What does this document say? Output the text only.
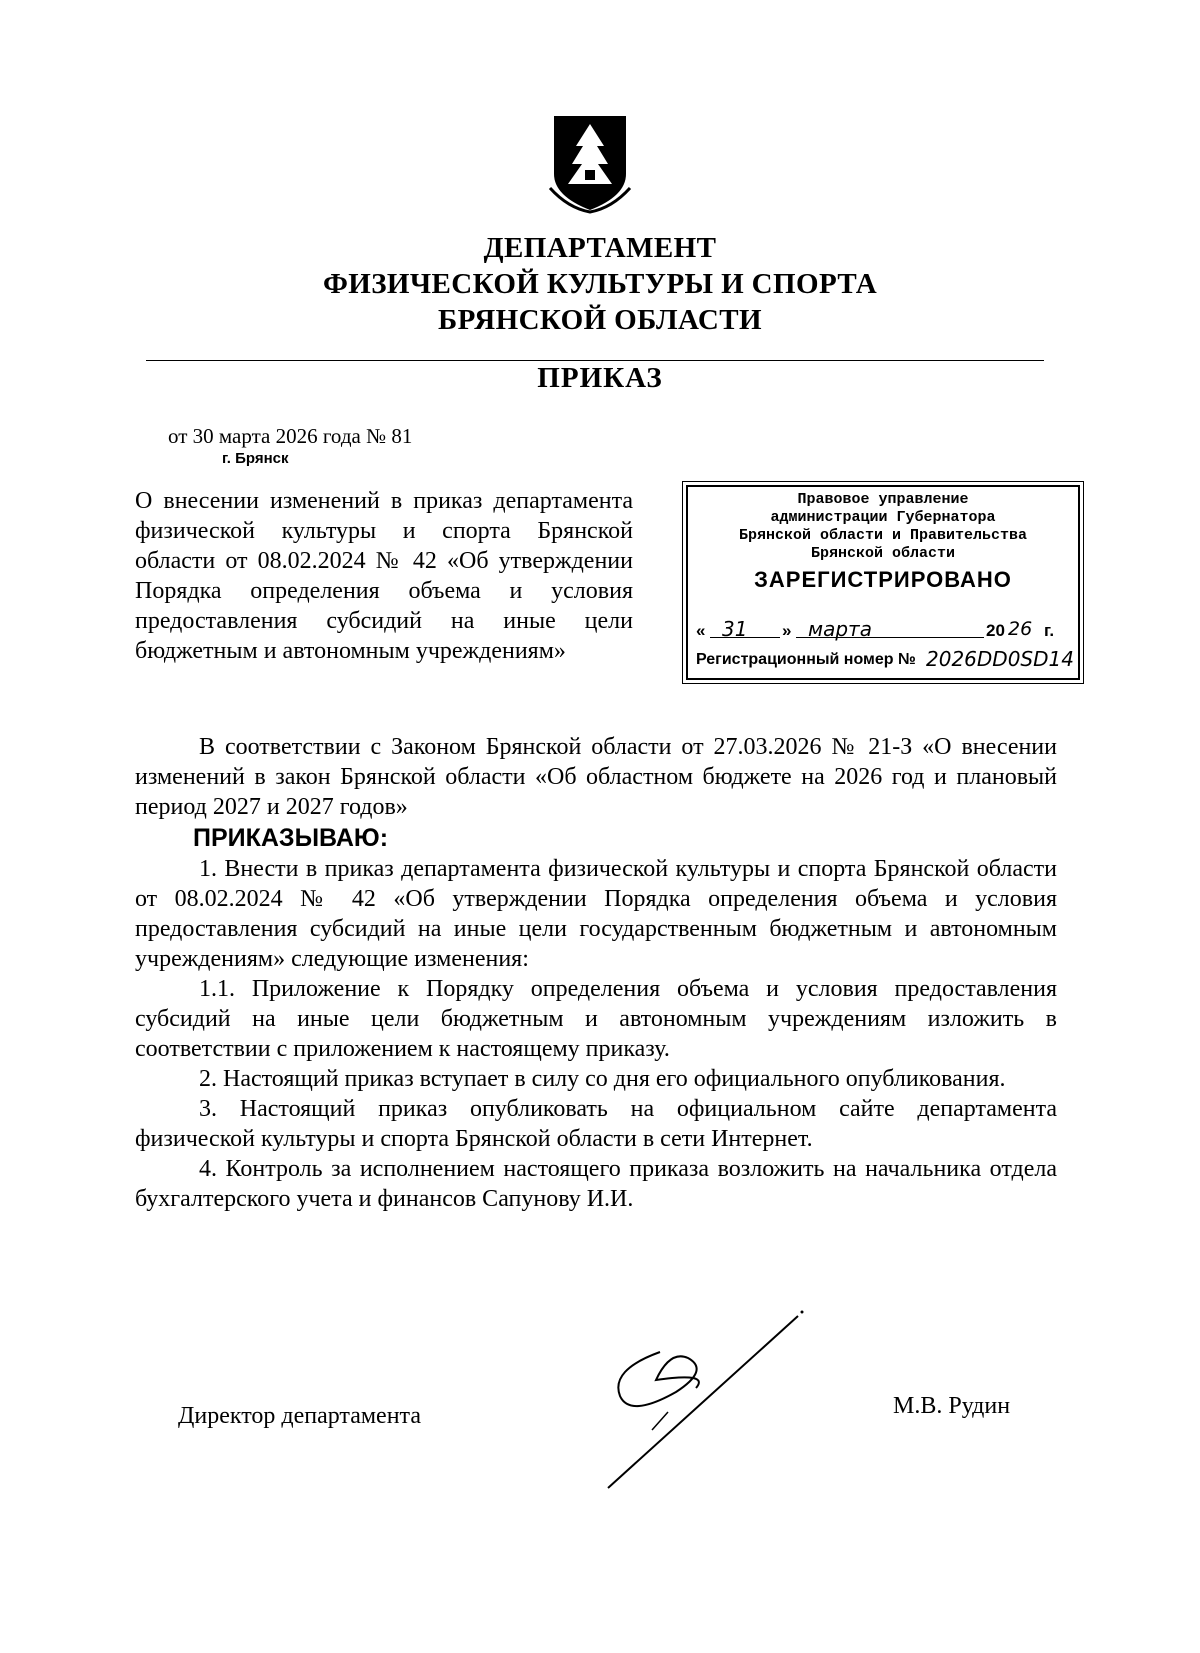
ДЕПАРТАМЕНТ
ФИЗИЧЕСКОЙ КУЛЬТУРЫ И СПОРТА
БРЯНСКОЙ ОБЛАСТИ
ПРИКАЗ
от 30 марта 2026 года № 81
г. Брянск
О внесении изменений в приказ департамента физической культуры и спорта Брянской области от 08.02.2024 № 42 «Об утверждении Порядка определения объема и условия предоставления субсидий на иные цели бюджетным и автономным учреждениям»
Правовое управление
администрации Губернатора
Брянской области и Правительства
Брянской области
ЗАРЕГИСТРИРОВАНО
« 31 » марта	20 26 г.
Регистрационный номер № 2026DD0SD14

В соответствии с Законом Брянской области от 27.03.2026 № 21-З «О внесении изменений в закон Брянской области «Об областном бюджете на 2026 год и плановый период 2027 и 2027 годов»

ПРИКАЗЫВАЮ:

1. Внести в приказ департамента физической культуры и спорта Брянской области от 08.02.2024 № 42 «Об утверждении Порядка определения объема и условия предоставления субсидий на иные цели государственным бюджетным и автономным учреждениям» следующие изменения:

1.1. Приложение к Порядку определения объема и условия предоставления субсидий на иные цели бюджетным и автономным учреждениям изложить в соответствии с приложением к настоящему приказу.

2. Настоящий приказ вступает в силу со дня его официального опубликования.

3. Настоящий приказ опубликовать на официальном сайте департамента физической культуры и спорта Брянской области в сети Интернет.

4. Контроль за исполнением настоящего приказа возложить на начальника отдела бухгалтерского учета и финансов Сапунову И.И.

Директор департамента	М.В. Рудин
